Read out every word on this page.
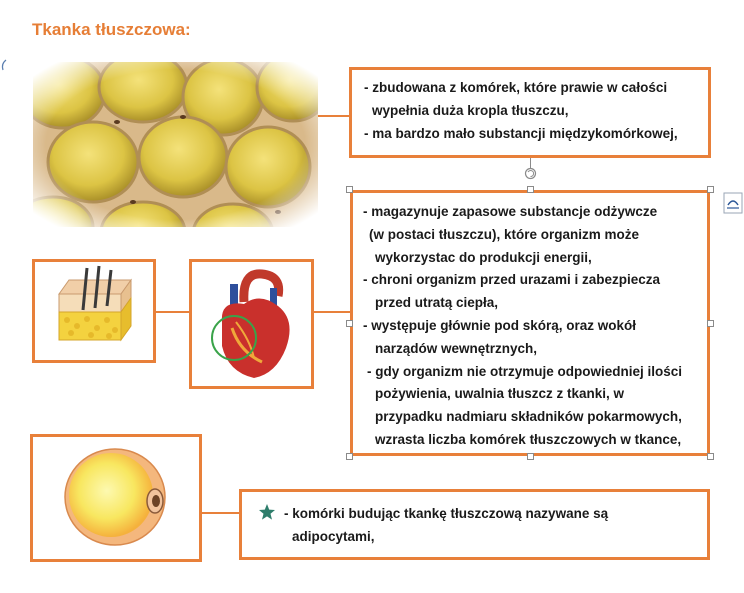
Tkanka tłuszczowa:
- zbudowana z komórek, które prawie w całości
wypełnia duża kropla tłuszczu,
- ma bardzo mało substancji międzykomórkowej,
- magazynuje zapasowe substancje odżywcze
(w postaci tłuszczu), które organizm może
wykorzystac do produkcji energii,
- chroni organizm przed urazami i zabezpiecza
przed utratą ciepła,
- występuje głównie pod skórą, oraz wokół
narządów wewnętrznych,
- gdy organizm nie otrzymuje odpowiedniej ilości
pożywienia, uwalnia tłuszcz z tkanki, w
przypadku nadmiaru składników pokarmowych,
wzrasta liczba komórek tłuszczowych w tkance,
- komórki budując tkankę tłuszczową nazywane są
adipocytami,
